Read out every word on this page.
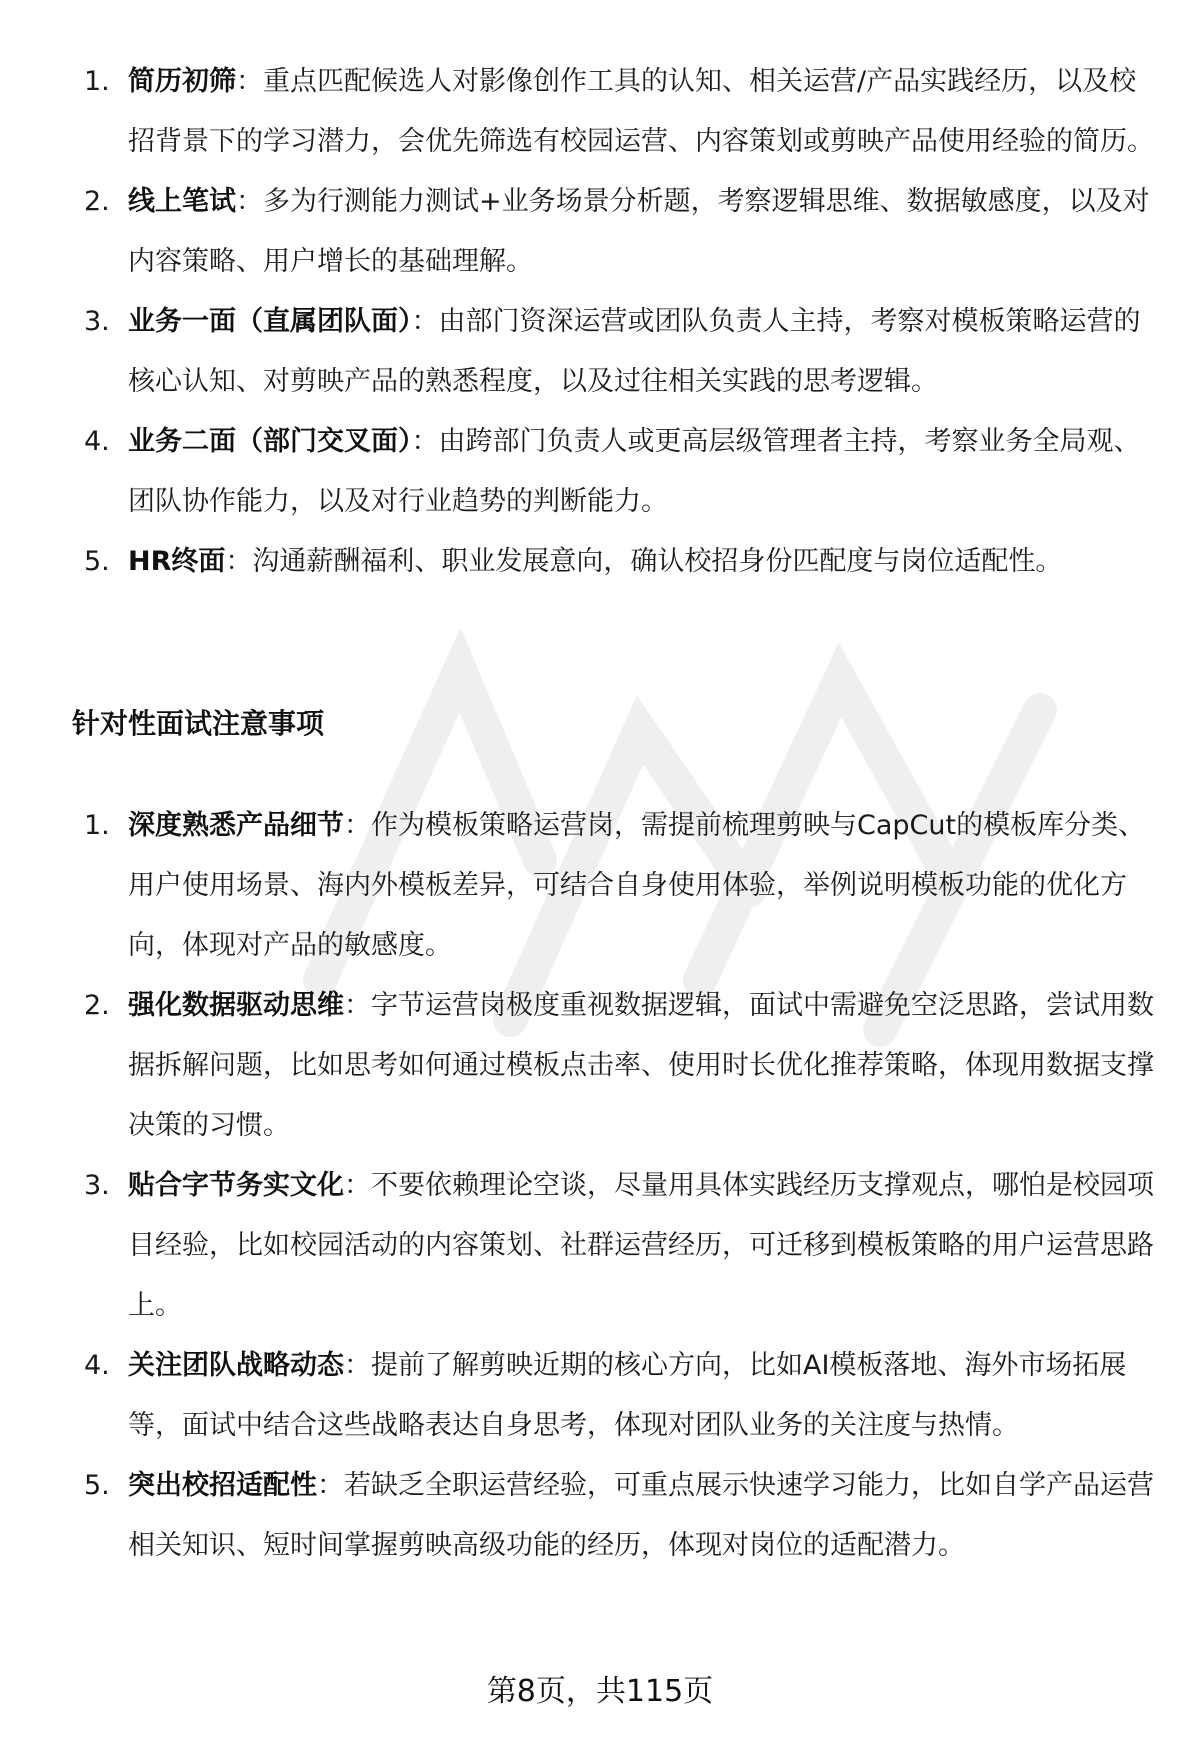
1. 简历初筛：重点匹配候选人对影像创作工具的认知、相关运营/产品实践经历，以及校招背景下的学习潜力，会优先筛选有校园运营、内容策划或剪映产品使用经验的简历。
2. 线上笔试：多为行测能力测试+业务场景分析题，考察逻辑思维、数据敏感度，以及对内容策略、用户增长的基础理解。
3. 业务一面（直属团队面）：由部门资深运营或团队负责人主持，考察对模板策略运营的核心认知、对剪映产品的熟悉程度，以及过往相关实践的思考逻辑。
4. 业务二面（部门交叉面）：由跨部门负责人或更高层级管理者主持，考察业务全局观、团队协作能力，以及对行业趋势的判断能力。
5. HR终面：沟通薪酬福利、职业发展意向，确认校招身份匹配度与岗位适配性。
针对性面试注意事项
1. 深度熟悉产品细节：作为模板策略运营岗，需提前梳理剪映与CapCut的模板库分类、用户使用场景、海内外模板差异，可结合自身使用体验，举例说明模板功能的优化方向，体现对产品的敏感度。
2. 强化数据驱动思维：字节运营岗极度重视数据逻辑，面试中需避免空泛思路，尝试用数据拆解问题，比如思考如何通过模板点击率、使用时长优化推荐策略，体现用数据支撑决策的习惯。
3. 贴合字节务实文化：不要依赖理论空谈，尽量用具体实践经历支撑观点，哪怕是校园项目经验，比如校园活动的内容策划、社群运营经历，可迁移到模板策略的用户运营思路上。
4. 关注团队战略动态：提前了解剪映近期的核心方向，比如AI模板落地、海外市场拓展等，面试中结合这些战略表达自身思考，体现对团队业务的关注度与热情。
5. 突出校招适配性：若缺乏全职运营经验，可重点展示快速学习能力，比如自学产品运营相关知识、短时间掌握剪映高级功能的经历，体现对岗位的适配潜力。
第8页，共115页
